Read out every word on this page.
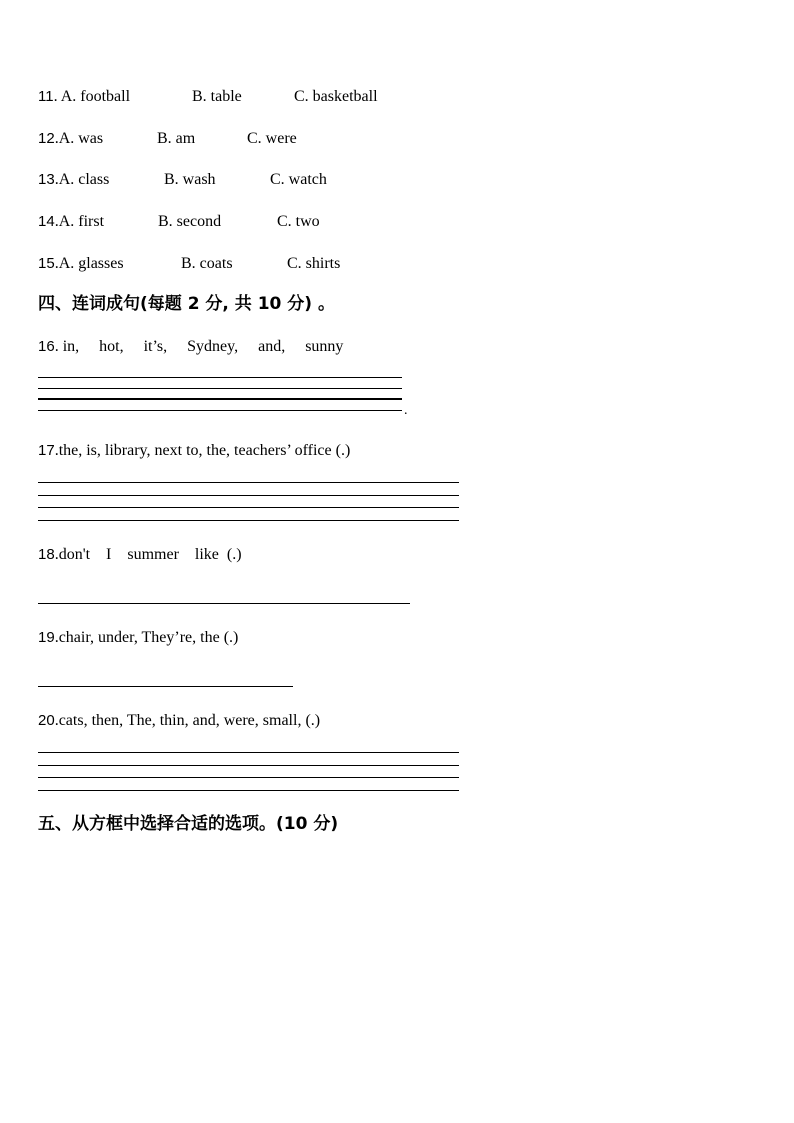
11. A. football	B. table	C. basketball
12.A. was	B. am	C. were
13.A. class	B. wash	C. watch
14.A. first	B. second	C. two
15.A. glasses	B. coats	C. shirts
四、连词成句(每题 2 分, 共 10 分) 。
16. in,     hot,     it’s,     Sydney,     and,     sunny
.
17.the, is, library, next to, the, teachers’ office (.)
18.don't    I    summer    like  (.)
19.chair, under, They’re, the (.)
20.cats, then, The, thin, and, were, small, (.)
五、从方框中选择合适的选项。(10 分)
